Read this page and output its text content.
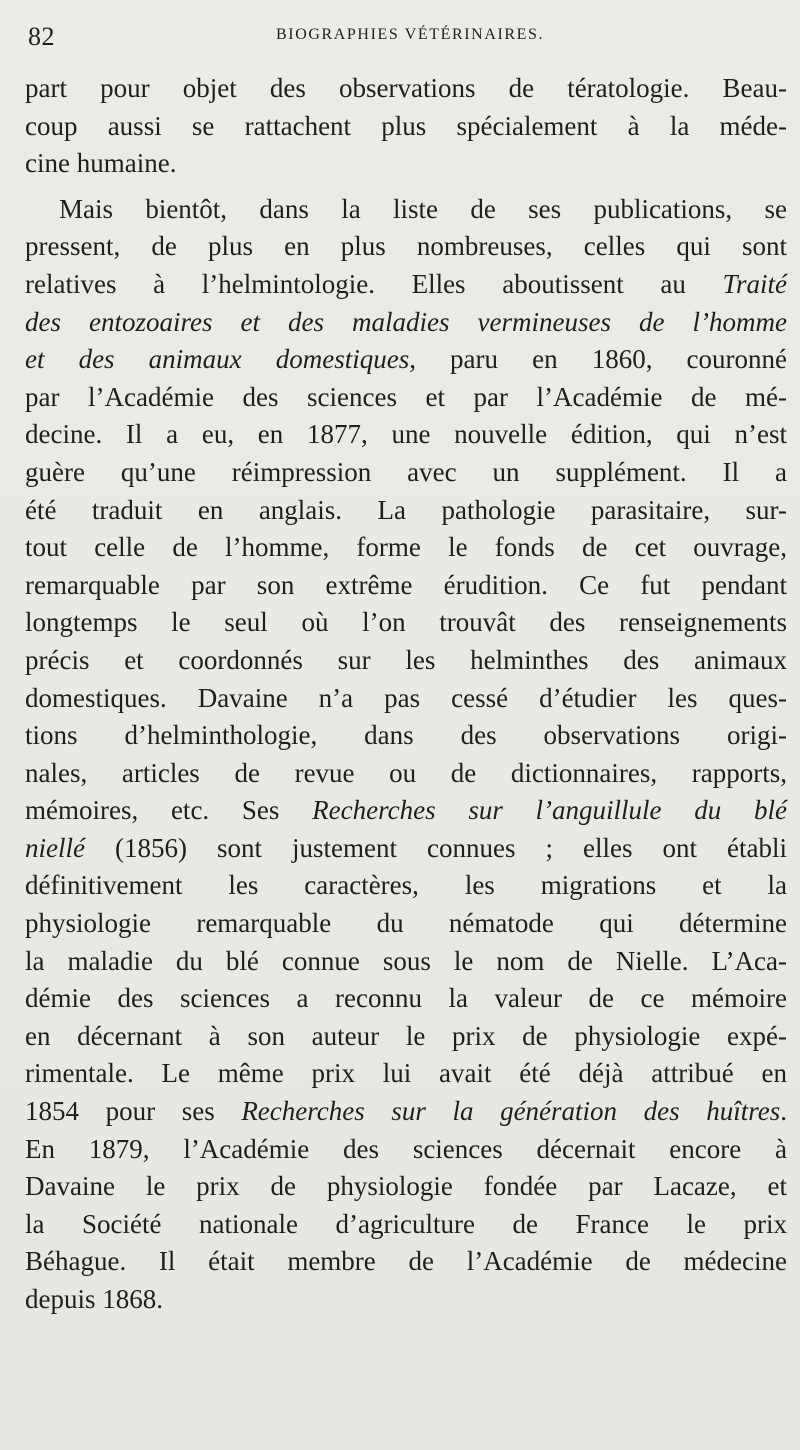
82	BIOGRAPHIES VÉTÉRINAIRES.
part pour objet des observations de tératologie. Beau-
coup aussi se rattachent plus spécialement à la méde-
cine humaine.
Mais bientôt, dans la liste de ses publications, se
pressent, de plus en plus nombreuses, celles qui sont
relatives à l’helmintologie. Elles aboutissent au Traité
des entozoaires et des maladies vermineuses de l’homme
et des animaux domestiques, paru en 1860, couronné
par l’Académie des sciences et par l’Académie de mé-
decine. Il a eu, en 1877, une nouvelle édition, qui n’est
guère qu’une réimpression avec un supplément. Il a
été traduit en anglais. La pathologie parasitaire, sur-
tout celle de l’homme, forme le fonds de cet ouvrage,
remarquable par son extrême érudition. Ce fut pendant
longtemps le seul où l’on trouvât des renseignements
précis et coordonnés sur les helminthes des animaux
domestiques. Davaine n’a pas cessé d’étudier les ques-
tions d’helminthologie, dans des observations origi-
nales, articles de revue ou de dictionnaires, rapports,
mémoires, etc. Ses Recherches sur l’anguillule du blé
niellé (1856) sont justement connues ; elles ont établi
définitivement les caractères, les migrations et la
physiologie remarquable du nématode qui détermine
la maladie du blé connue sous le nom de Nielle. L’Aca-
démie des sciences a reconnu la valeur de ce mémoire
en décernant à son auteur le prix de physiologie expé-
rimentale. Le même prix lui avait été déjà attribué en
1854 pour ses Recherches sur la génération des huîtres.
En 1879, l’Académie des sciences décernait encore à
Davaine le prix de physiologie fondée par Lacaze, et
la Société nationale d’agriculture de France le prix
Béhague. Il était membre de l’Académie de médecine
depuis 1868.
